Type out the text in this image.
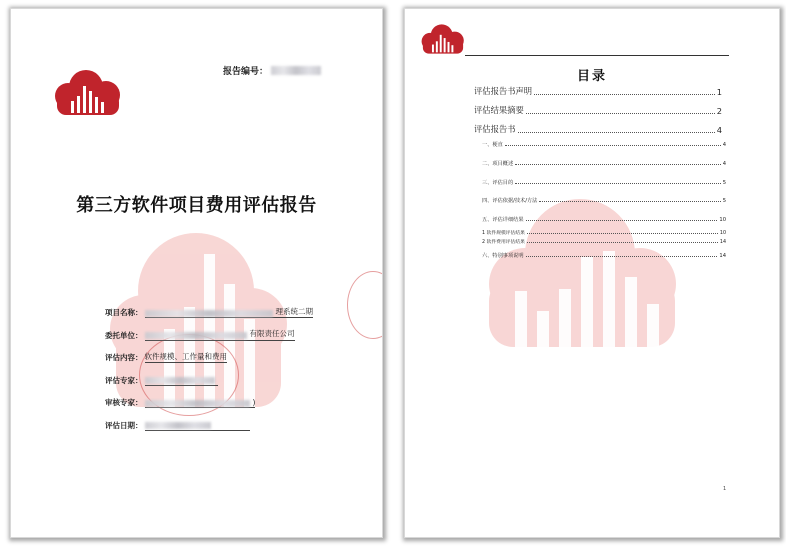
报告编号：
第三方软件项目费用评估报告
项目名称：	理系统二期
委托单位：	有限责任公司
评估内容： 软件规模、工作量和费用
评估专家：
审核专家：	)
评估日期：
目录
评估报告书声明	1
评估结果摘要	2
评估报告书	4
一、梗直	4
二、项目概述	4
三、评估目的	5
四、评估依据/技术/方法	5
五、评估详细结果	10
1 软件规模评估结果	10
2 软件费用评估结果	14
六、特别事项说明	14
1
